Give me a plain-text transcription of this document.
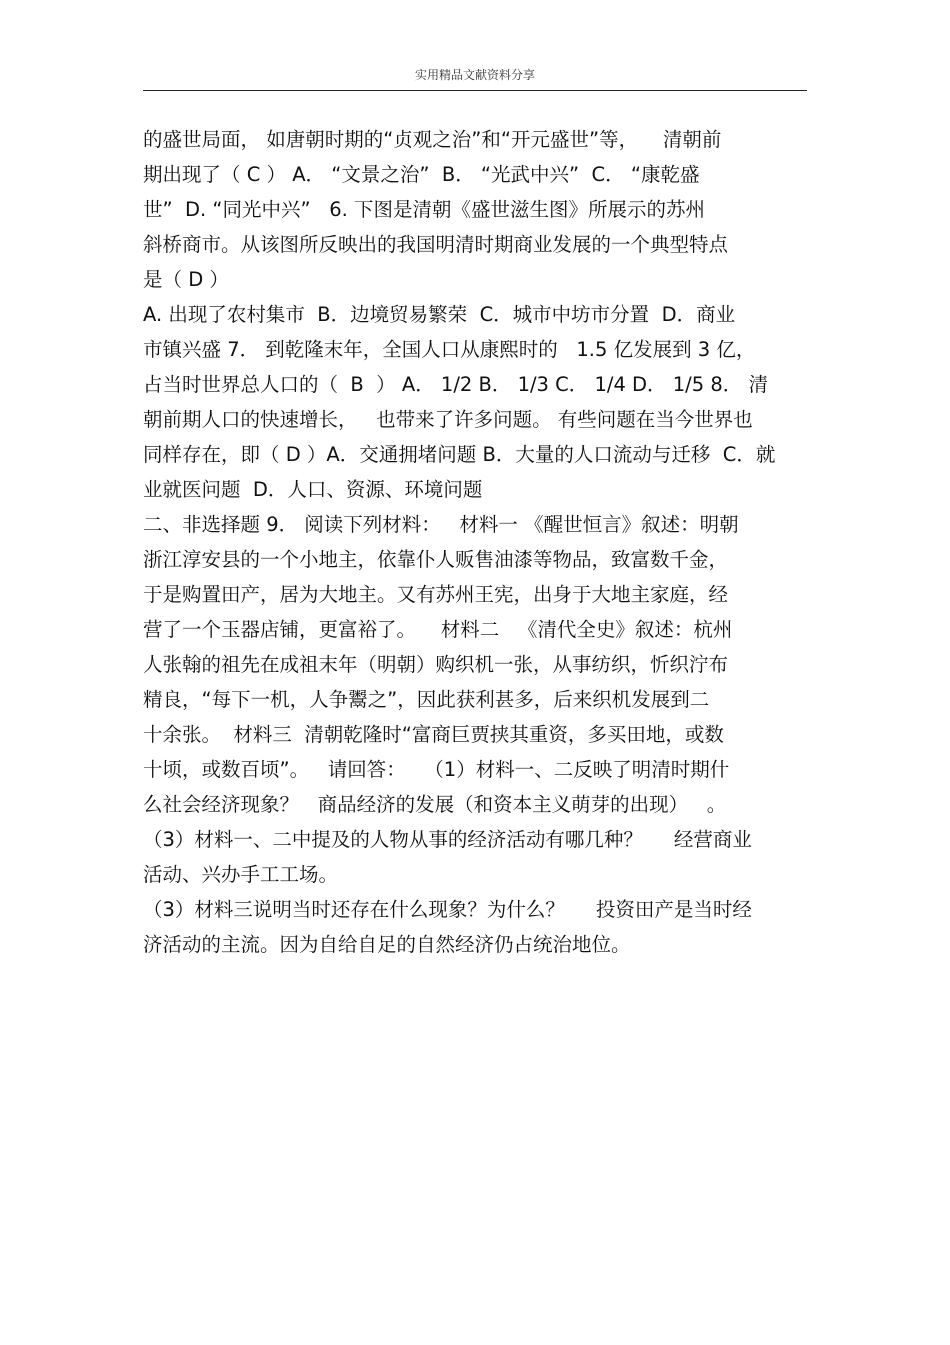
实用精品文献资料分享
的盛世局面， 如唐朝时期的“贞观之治”和“开元盛世”等，    清朝前
期出现了（ C ） A． “文景之治”  B． “光武中兴”  C． “康乾盛
世”  D. “同光中兴”   6. 下图是清朝《盛世滋生图》所展示的苏州
斜桥商市。从该图所反映出的我国明清时期商业发展的一个典型特点
是（ D ）
A. 出现了农村集市  B．边境贸易繁荣  C．城市中坊市分置  D．商业
市镇兴盛 7． 到乾隆末年，全国人口从康熙时的   1.5 亿发展到 3 亿，
占当时世界总人口的（  B  ） A． 1/2 B． 1/3 C． 1/4 D． 1/5 8． 清
朝前期人口的快速增长，   也带来了许多问题。 有些问题在当今世界也
同样存在，即（ D ）A．交通拥堵问题 B．大量的人口流动与迁移  C．就
业就医问题  D．人口、资源、环境问题
二、非选择题 9． 阅读下列材料：   材料一 《醒世恒言》叙述：明朝
浙江淳安县的一个小地主，依靠仆人贩售油漆等物品，致富数千金，
于是购置田产，居为大地主。又有苏州王宪，出身于大地主家庭，经
营了一个玉器店铺，更富裕了。    材料二   《清代全史》叙述：杭州
人张翰的祖先在成祖末年（明朝）购织机一张，从事纺织，忻织泞布
精良，“每下一机，人争鬻之”，因此获利甚多，后来织机发展到二
十余张。  材料三  清朝乾隆时“富商巨贾挟其重资，多买田地，或数
十顷，或数百顷”。   请回答：   （1）材料一、二反映了明清时期什
么社会经济现象？   商品经济的发展（和资本主义萌芽的出现）   。
（3）材料一、二中提及的人物从事的经济活动有哪几种？     经营商业
活动、兴办手工工场。
（3）材料三说明当时还存在什么现象？为什么？     投资田产是当时经
济活动的主流。因为自给自足的自然经济仍占统治地位。
